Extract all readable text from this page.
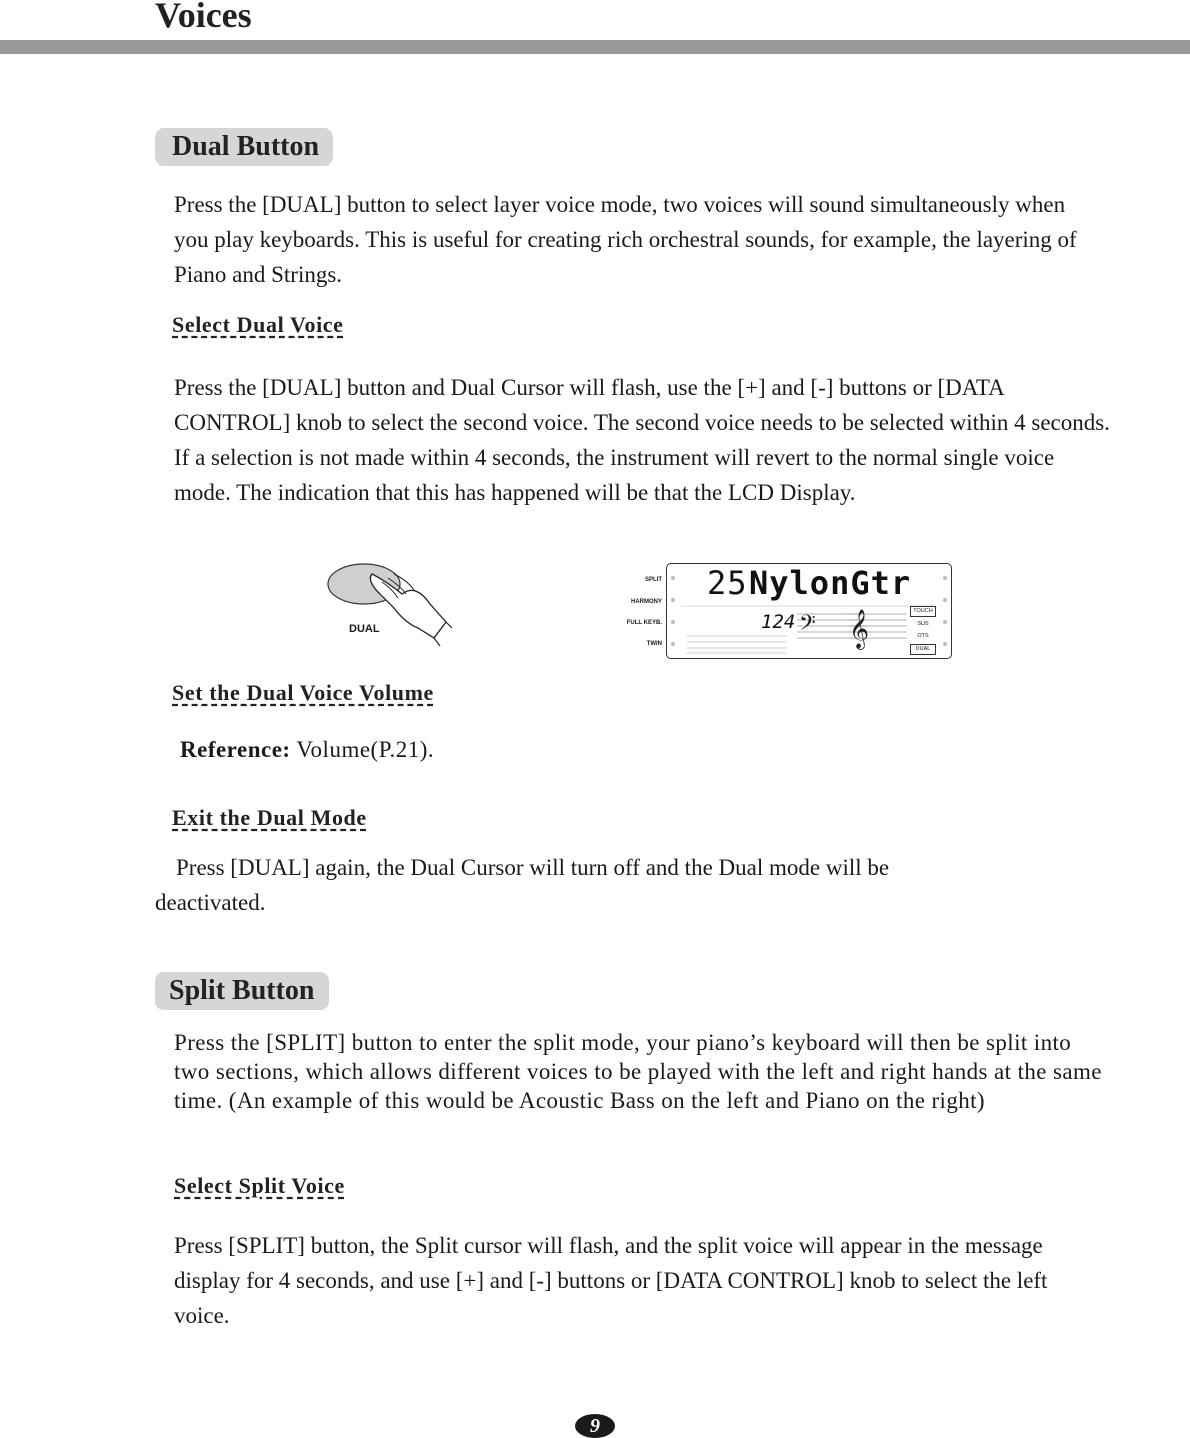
Voices
Dual Button

Press the [DUAL] button to select layer voice mode, two voices will sound simultaneously when you play keyboards. This is useful for creating rich orchestral sounds, for example, the layering of Piano and Strings.

Select Dual Voice

Press the [DUAL] button and Dual Cursor will flash, use the [+] and [-] buttons or [DATA CONTROL] knob to select the second voice. The second voice needs to be selected within 4 seconds. If a selection is not made within 4 seconds, the instrument will revert to the normal single voice mode. The indication that this has happened will be that the LCD Display.

DUAL
SPLIT
HARMONY
FULL KEYB.
TWIN
𝄢 𝄞
25 NylonGtr
124	TOUCH
SUS
OTS
DUAL
Set the Dual Voice Volume
Reference: Volume(P.21).
Exit the Dual Mode
Press [DUAL] again, the Dual Cursor will turn off and the Dual mode will be
deactivated.
Split Button

Press the [SPLIT] button to enter the split mode, your piano’s keyboard will then be split into two sections, which allows different voices to be played with the left and right hands at the same time. (An example of this would be Acoustic Bass on the left and Piano on the right)

Select Split Voice

Press [SPLIT] button, the Split cursor will flash, and the split voice will appear in the message display for 4 seconds, and use [+] and [-] buttons or [DATA CONTROL] knob to select the left voice.

9
